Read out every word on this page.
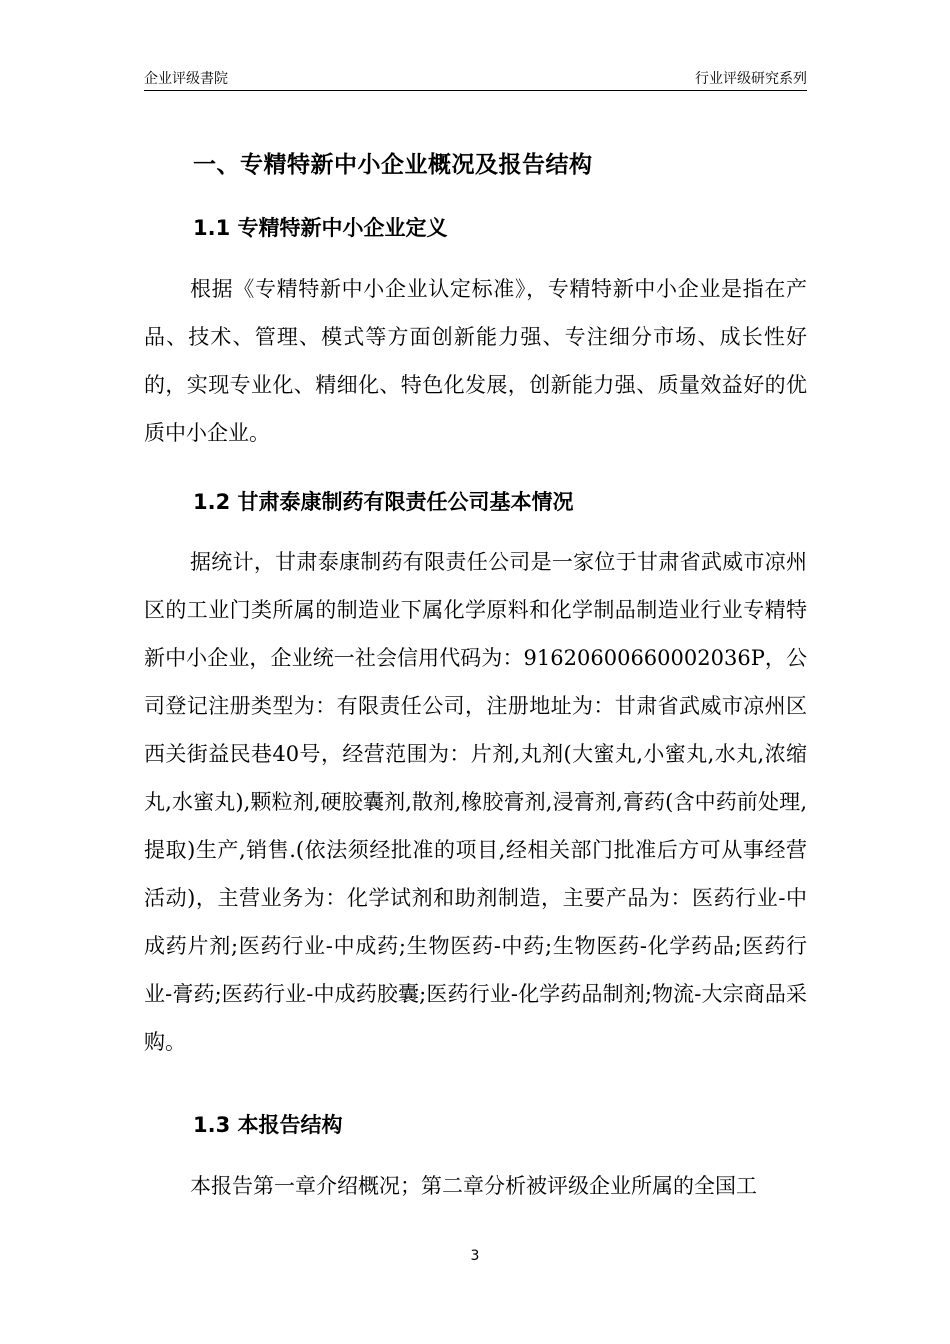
企业评级書院	行业评级研究系列
一、专精特新中小企业概况及报告结构
1.1 专精特新中小企业定义

根据《专精特新中小企业认定标准》，专精特新中小企业是指在产品、技术、管理、模式等方面创新能力强、专注细分市场、成长性好的，实现专业化、精细化、特色化发展，创新能力强、质量效益好的优质中小企业。

1.2 甘肃泰康制药有限责任公司基本情况

据统计，甘肃泰康制药有限责任公司是一家位于甘肃省武威市凉州区的工业门类所属的制造业下属化学原料和化学制品制造业行业专精特新中小企业，企业统一社会信用代码为：91620600660002036P，公司登记注册类型为：有限责任公司，注册地址为：甘肃省武威市凉州区西关街益民巷40号，经营范围为：片剂,丸剂(大蜜丸,小蜜丸,水丸,浓缩丸,水蜜丸),颗粒剂,硬胶囊剂,散剂,橡胶膏剂,浸膏剂,膏药(含中药前处理,提取)生产,销售.(依法须经批准的项目,经相关部门批准后方可从事经营活动)，主营业务为：化学试剂和助剂制造，主要产品为：医药行业-中成药片剂;医药行业-中成药;生物医药-中药;生物医药-化学药品;医药行业-膏药;医药行业-中成药胶囊;医药行业-化学药品制剂;物流-大宗商品采购。

1.3 本报告结构

本报告第一章介绍概况；第二章分析被评级企业所属的全国工

3
